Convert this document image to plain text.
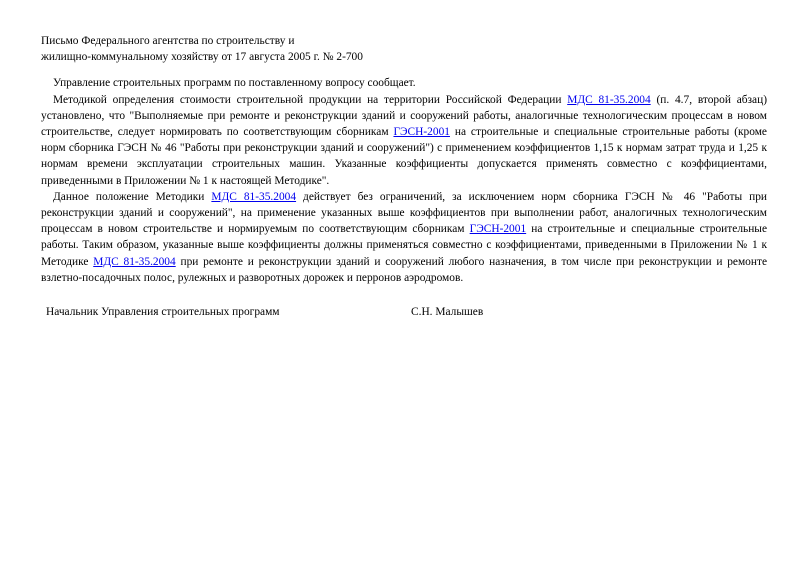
Письмо Федерального агентства по строительству и
жилищно-коммунальному хозяйству от 17 августа 2005 г. № 2-700

Управление строительных программ по поставленному вопросу сообщает.

Методикой определения стоимости строительной продукции на территории Российской Федерации МДС 81-35.2004 (п. 4.7, второй абзац) установлено, что "Выполняемые при ремонте и реконструкции зданий и сооружений работы, аналогичные технологическим процессам в новом строительстве, следует нормировать по соответствующим сборникам ГЭСН-2001 на строительные и специальные строительные работы (кроме норм сборника ГЭСН № 46 "Работы при реконструкции зданий и сооружений") с применением коэффициентов 1,15 к нормам затрат труда и 1,25 к нормам времени эксплуатации строительных машин. Указанные коэффициенты допускается применять совместно с коэффициентами, приведенными в Приложении № 1 к настоящей Методике".

Данное положение Методики МДС 81-35.2004 действует без ограничений, за исключением норм сборника ГЭСН № 46 "Работы при реконструкции зданий и сооружений", на применение указанных выше коэффициентов при выполнении работ, аналогичных технологическим процессам в новом строительстве и нормируемым по соответствующим сборникам ГЭСН-2001 на строительные и специальные строительные работы. Таким образом, указанные выше коэффициенты должны применяться совместно с коэффициентами, приведенными в Приложении № 1 к Методике МДС 81-35.2004 при ремонте и реконструкции зданий и сооружений любого назначения, в том числе при реконструкции и ремонте взлетно-посадочных полос, рулежных и разворотных дорожек и перронов аэродромов.

Начальник Управления строительных программ	С.Н. Малышев
